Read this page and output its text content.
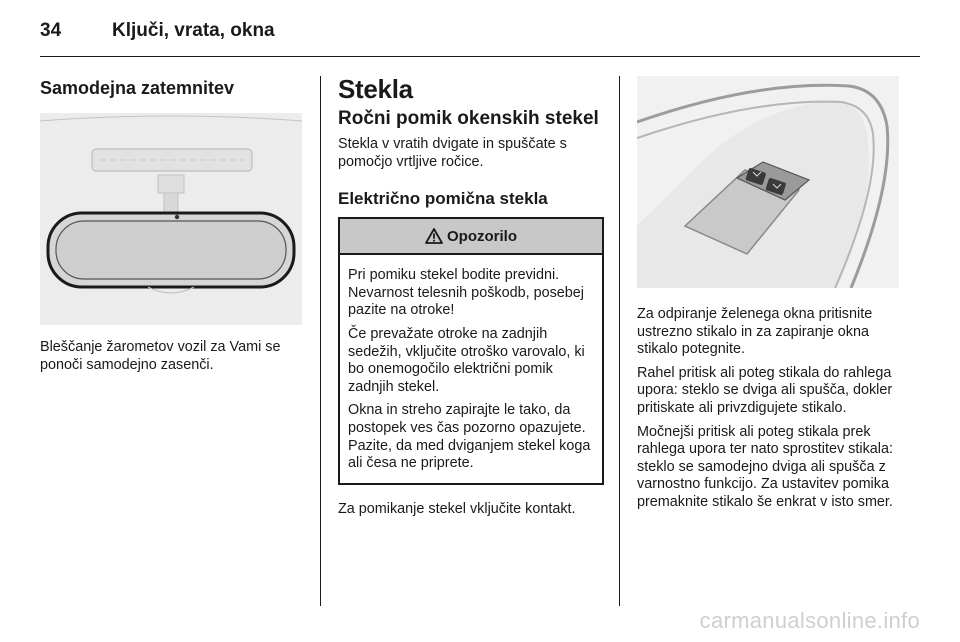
34	Ključi, vrata, okna
Samodejna zatemnitev

Bleščanje žarometov vozil za Vami se ponoči samodejno zasenči.

Stekla
Ročni pomik okenskih stekel

Stekla v vratih dvigate in spuščate s pomočjo vrtljive ročice.

Električno pomična stekla
Opozorilo

Pri pomiku stekel bodite previdni. Nevarnost telesnih poškodb, posebej pazite na otroke!

Če prevažate otroke na zadnjih sedežih, vključite otroško varovalo, ki bo onemogočilo električni pomik zadnjih stekel.

Okna in streho zapirajte le tako, da postopek ves čas pozorno opazujete. Pazite, da med dviganjem stekel koga ali česa ne priprete.

Za pomikanje stekel vključite kontakt.

Za odpiranje želenega okna pritisnite ustrezno stikalo in za zapiranje okna stikalo potegnite.

Rahel pritisk ali poteg stikala do rahlega upora: steklo se dviga ali spušča, dokler pritiskate ali privzdigujete stikalo.

Močnejši pritisk ali poteg stikala prek rahlega upora ter nato sprostitev stikala: steklo se samodejno dviga ali spušča z varnostno funkcijo. Za ustavitev pomika premaknite stikalo še enkrat v isto smer.

carmanualsonline.info
